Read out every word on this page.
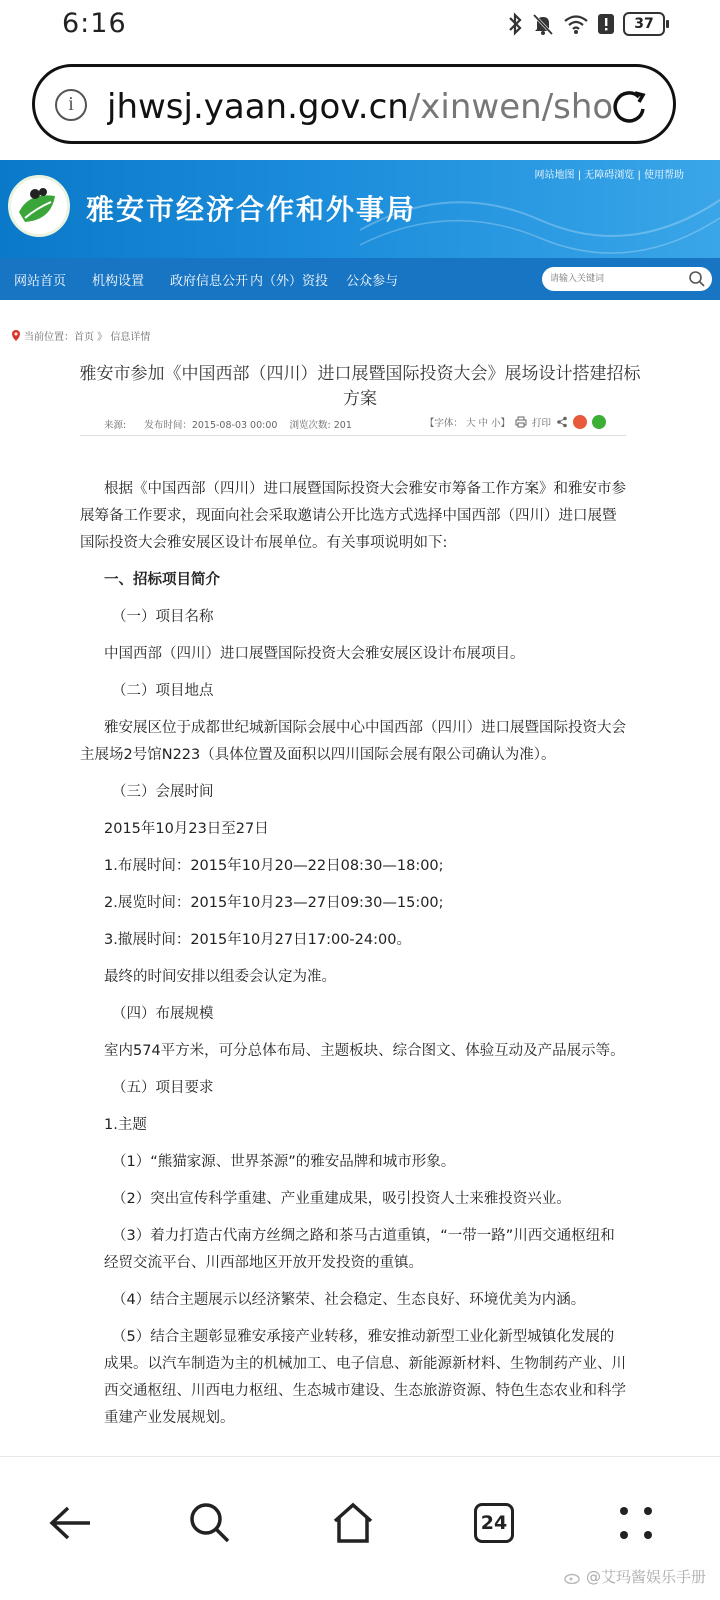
6:16	37
i jhwsj.yaan.gov.cn/xinwen/sho
雅安市经济合作和外事局
网站地图 | 无障碍浏览 | 使用帮助
网站首页 机构设置 政府信息公开 内（外）资投 公众参与
请输入关键词
当前位置：首页 》 信息详情
雅安市参加《中国西部（四川）进口展暨国际投资大会》展场设计搭建招标方案
来源:      发布时间：2015-08-03 00:00    浏览次数: 201	【字体： 大 中 小】 打印

根据《中国西部（四川）进口展暨国际投资大会雅安市筹备工作方案》和雅安市参展筹备工作要求，现面向社会采取邀请公开比选方式选择中国西部（四川）进口展暨国际投资大会雅安展区设计布展单位。有关事项说明如下:

一、招标项目简介

（一）项目名称

中国西部（四川）进口展暨国际投资大会雅安展区设计布展项目。

（二）项目地点

雅安展区位于成都世纪城新国际会展中心中国西部（四川）进口展暨国际投资大会主展场2号馆N223（具体位置及面积以四川国际会展有限公司确认为准）。

（三）会展时间

2015年10月23日至27日

1.布展时间：2015年10月20—22日08:30—18:00;

2.展览时间：2015年10月23—27日09:30—15:00;

3.撤展时间：2015年10月27日17:00-24:00。

最终的时间安排以组委会认定为准。

（四）布展规模

室内574平方米，可分总体布局、主题板块、综合图文、体验互动及产品展示等。

（五）项目要求

1.主题

（1）“熊猫家源、世界茶源”的雅安品牌和城市形象。

（2）突出宣传科学重建、产业重建成果，吸引投资人士来雅投资兴业。

（3）着力打造古代南方丝绸之路和茶马古道重镇，“一带一路”川西交通枢纽和经贸交流平台、川西部地区开放开发投资的重镇。

（4）结合主题展示以经济繁荣、社会稳定、生态良好、环境优美为内涵。

（5）结合主题彰显雅安承接产业转移，雅安推动新型工业化新型城镇化发展的成果。以汽车制造为主的机械加工、电子信息、新能源新材料、生物制药产业、川西交通枢纽、川西电力枢纽、生态城市建设、生态旅游资源、特色生态农业和科学重建产业发展规划。

24
@艾玛酱娱乐手册
